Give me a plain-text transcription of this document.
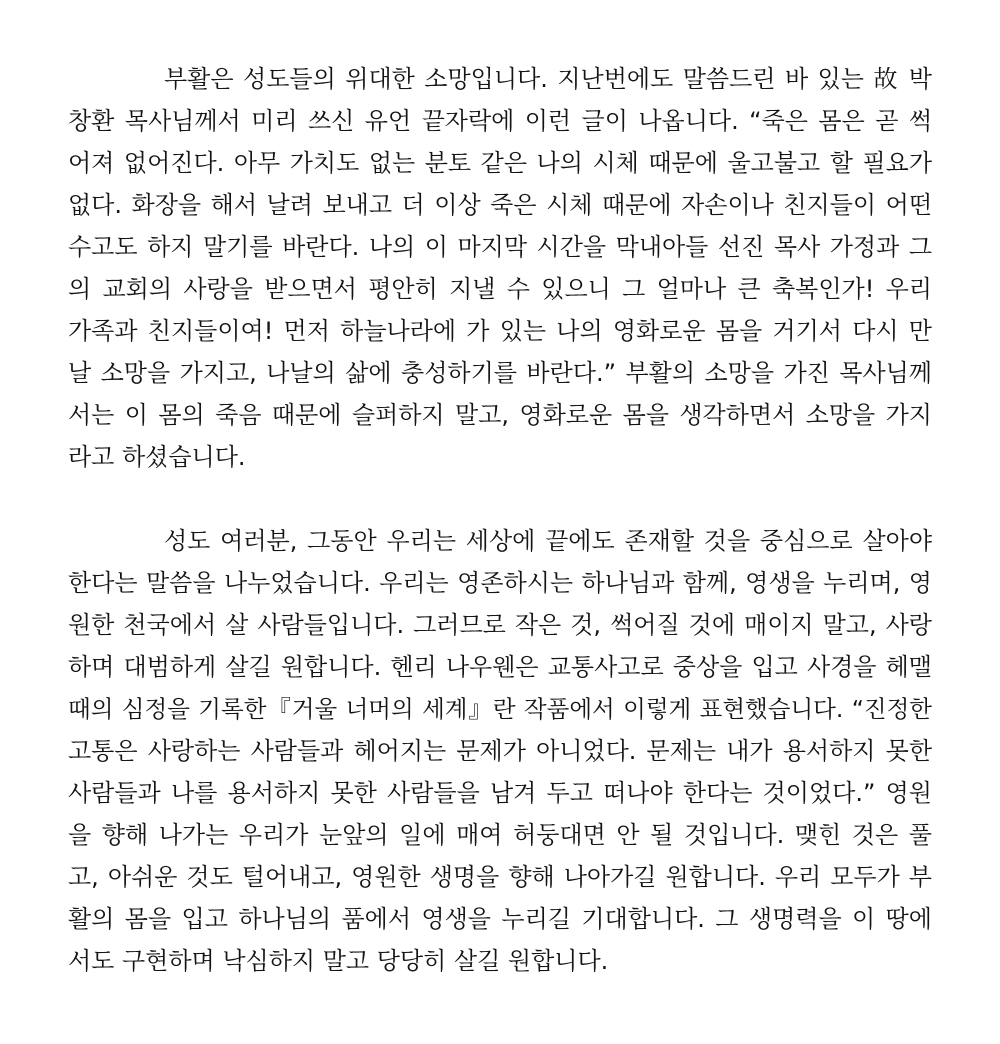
부활은 성도들의 위대한 소망입니다. 지난번에도 말씀드린 바 있는 故 박
창환 목사님께서 미리 쓰신 유언 끝자락에 이런 글이 나옵니다. “죽은 몸은 곧 썩
어져 없어진다. 아무 가치도 없는 분토 같은 나의 시체 때문에 울고불고 할 필요가
없다. 화장을 해서 날려 보내고 더 이상 죽은 시체 때문에 자손이나 친지들이 어떤
수고도 하지 말기를 바란다. 나의 이 마지막 시간을 막내아들 선진 목사 가정과 그
의 교회의 사랑을 받으면서 평안히 지낼 수 있으니 그 얼마나 큰 축복인가! 우리
가족과 친지들이여! 먼저 하늘나라에 가 있는 나의 영화로운 몸을 거기서 다시 만
날 소망을 가지고, 나날의 삶에 충성하기를 바란다.” 부활의 소망을 가진 목사님께
서는 이 몸의 죽음 때문에 슬퍼하지 말고, 영화로운 몸을 생각하면서 소망을 가지
라고 하셨습니다.
성도 여러분, 그동안 우리는 세상에 끝에도 존재할 것을 중심으로 살아야
한다는 말씀을 나누었습니다. 우리는 영존하시는 하나님과 함께, 영생을 누리며, 영
원한 천국에서 살 사람들입니다. 그러므로 작은 것, 썩어질 것에 매이지 말고, 사랑
하며 대범하게 살길 원합니다. 헨리 나우웬은 교통사고로 중상을 입고 사경을 헤맬
때의 심정을 기록한『거울 너머의 세계』란 작품에서 이렇게 표현했습니다. “진정한
고통은 사랑하는 사람들과 헤어지는 문제가 아니었다. 문제는 내가 용서하지 못한
사람들과 나를 용서하지 못한 사람들을 남겨 두고 떠나야 한다는 것이었다.” 영원
을 향해 나가는 우리가 눈앞의 일에 매여 허둥대면 안 될 것입니다. 맺힌 것은 풀
고, 아쉬운 것도 털어내고, 영원한 생명을 향해 나아가길 원합니다. 우리 모두가 부
활의 몸을 입고 하나님의 품에서 영생을 누리길 기대합니다. 그 생명력을 이 땅에
서도 구현하며 낙심하지 말고 당당히 살길 원합니다.
